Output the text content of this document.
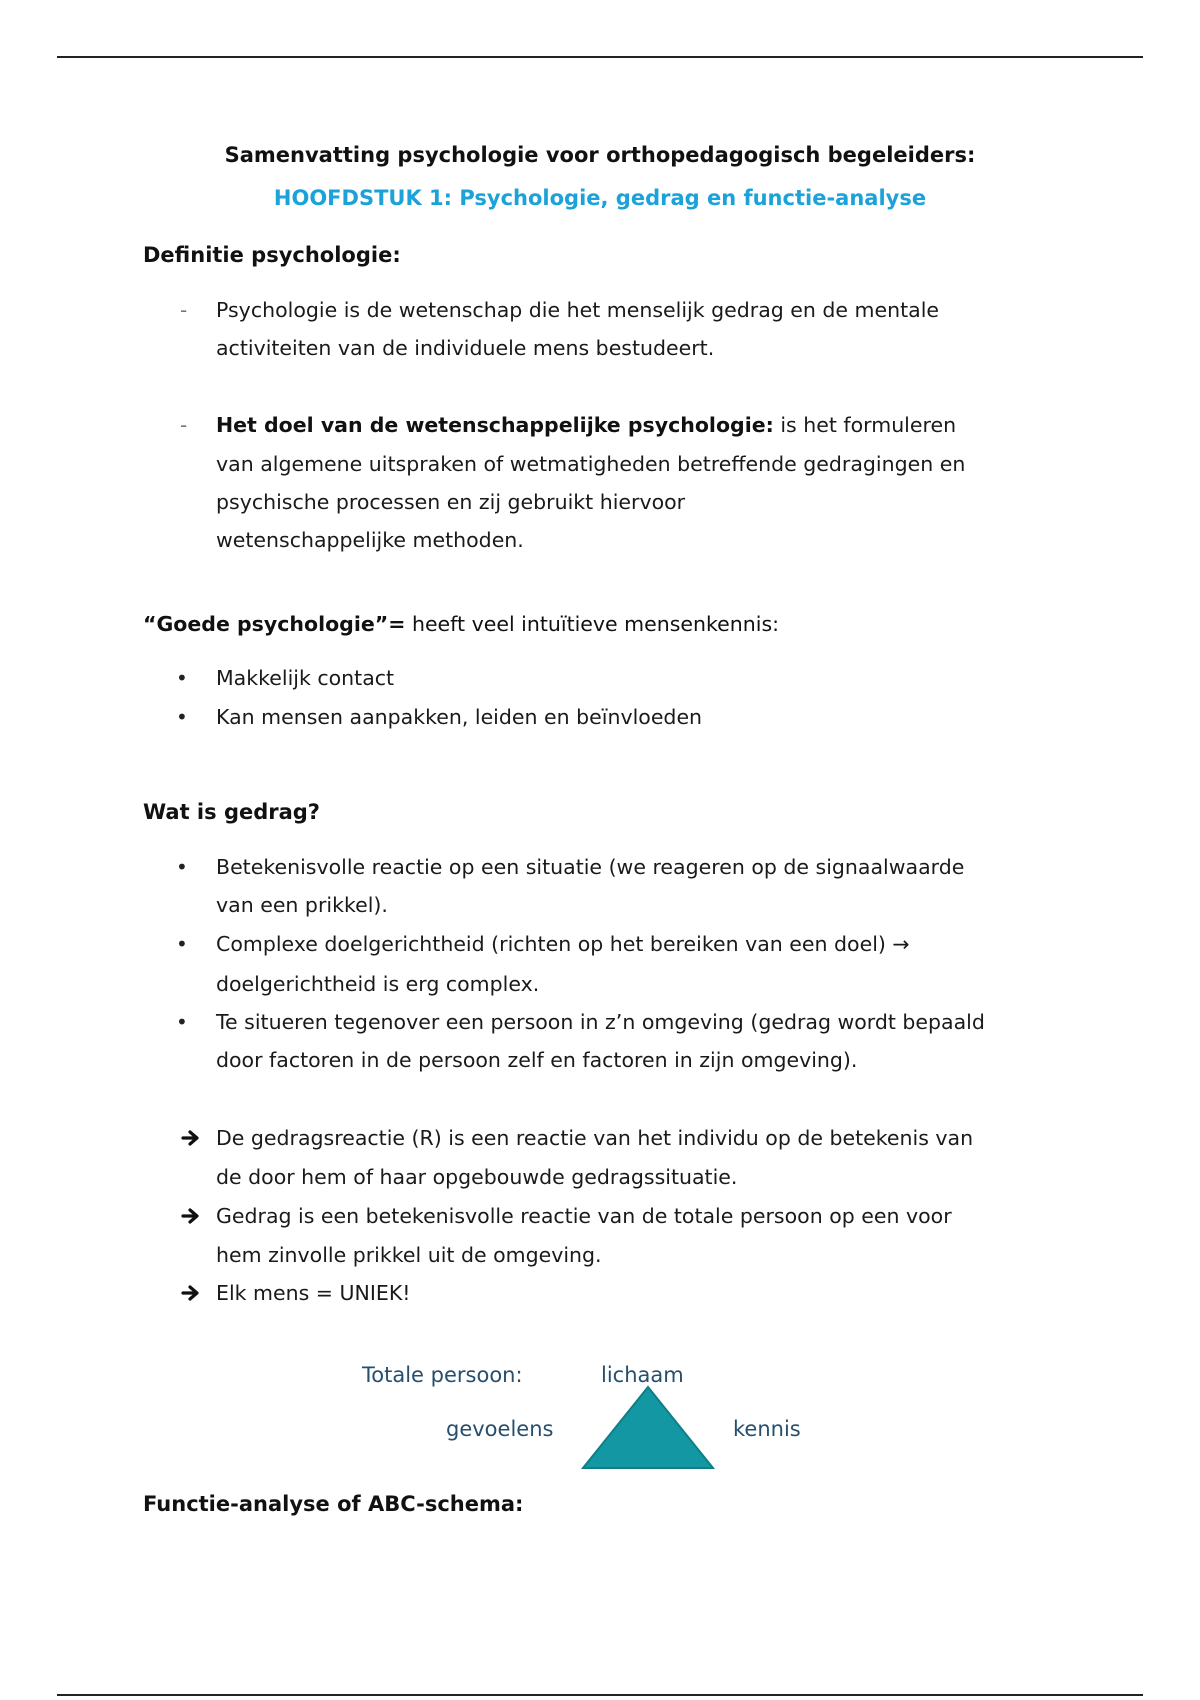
Samenvatting psychologie voor orthopedagogisch begeleiders:
HOOFDSTUK 1: Psychologie, gedrag en functie-analyse
Definitie psychologie:
- Psychologie is de wetenschap die het menselijk gedrag en de mentale
activiteiten van de individuele mens bestudeert.
- Het doel van de wetenschappelijke psychologie: is het formuleren
van algemene uitspraken of wetmatigheden betreffende gedragingen en
psychische processen en zij gebruikt hiervoor
wetenschappelijke methoden.
“Goede psychologie”= heeft veel intuïtieve mensenkennis:
• Makkelijk contact
• Kan mensen aanpakken, leiden en beïnvloeden
Wat is gedrag?
• Betekenisvolle reactie op een situatie (we reageren op de signaalwaarde
van een prikkel).
• Complexe doelgerichtheid (richten op het bereiken van een doel) →
doelgerichtheid is erg complex.
• Te situeren tegenover een persoon in z’n omgeving (gedrag wordt bepaald
door factoren in de persoon zelf en factoren in zijn omgeving).
De gedragsreactie (R) is een reactie van het individu op de betekenis van
de door hem of haar opgebouwde gedragssituatie.
Gedrag is een betekenisvolle reactie van de totale persoon op een voor
hem zinvolle prikkel uit de omgeving.
Elk mens = UNIEK!
Totale persoon:	lichaam
gevoelens	kennis
Functie-analyse of ABC-schema:
